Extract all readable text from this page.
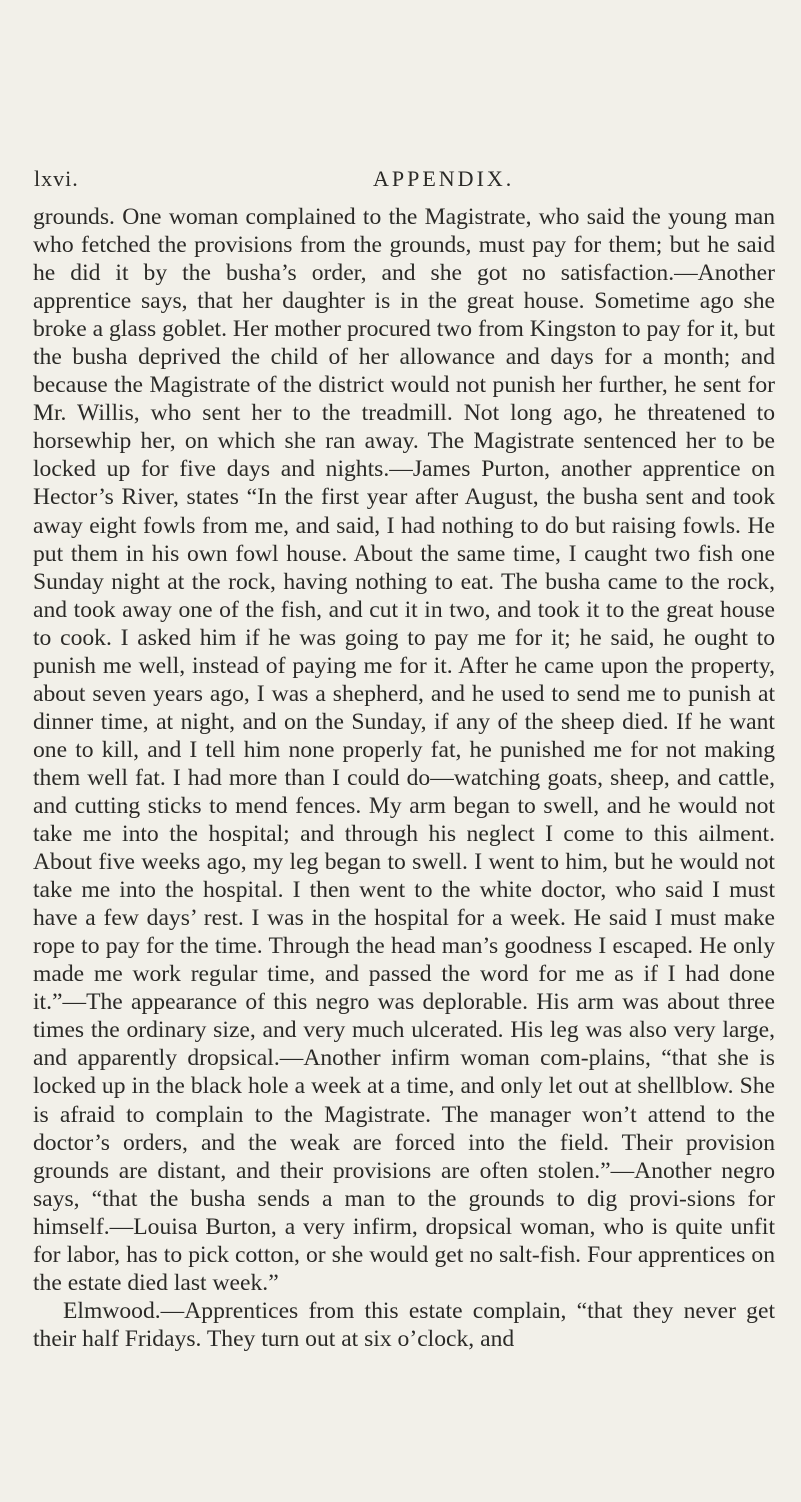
lxvi.	APPENDIX.

grounds. One woman complained to the Magistrate, who said the young man who fetched the provisions from the grounds, must pay for them; but he said he did it by the busha’s order, and she got no satisfaction.—Another apprentice says, that her daughter is in the great house. Sometime ago she broke a glass goblet. Her mother procured two from Kingston to pay for it, but the busha deprived the child of her allowance and days for a month; and because the Magistrate of the district would not punish her further, he sent for Mr. Willis, who sent her to the treadmill. Not long ago, he threatened to horsewhip her, on which she ran away. The Magistrate sentenced her to be locked up for five days and nights.—James Purton, another apprentice on Hector’s River, states “In the first year after August, the busha sent and took away eight fowls from me, and said, I had nothing to do but raising fowls. He put them in his own fowl house. About the same time, I caught two fish one Sunday night at the rock, having nothing to eat. The busha came to the rock, and took away one of the fish, and cut it in two, and took it to the great house to cook. I asked him if he was going to pay me for it; he said, he ought to punish me well, instead of paying me for it. After he came upon the property, about seven years ago, I was a shepherd, and he used to send me to punish at dinner time, at night, and on the Sunday, if any of the sheep died. If he want one to kill, and I tell him none properly fat, he punished me for not making them well fat. I had more than I could do—watching goats, sheep, and cattle, and cutting sticks to mend fences. My arm began to swell, and he would not take me into the hospital; and through his neglect I come to this ailment. About five weeks ago, my leg began to swell. I went to him, but he would not take me into the hospital. I then went to the white doctor, who said I must have a few days’ rest. I was in the hospital for a week. He said I must make rope to pay for the time. Through the head man’s goodness I escaped. He only made me work regular time, and passed the word for me as if I had done it.”—The appearance of this negro was deplorable. His arm was about three times the ordinary size, and very much ulcerated. His leg was also very large, and apparently dropsical.—Another infirm woman com-plains, “that she is locked up in the black hole a week at a time, and only let out at shellblow. She is afraid to complain to the Magistrate. The manager won’t attend to the doctor’s orders, and the weak are forced into the field. Their provision grounds are distant, and their provisions are often stolen.”—Another negro says, “that the busha sends a man to the grounds to dig provi-sions for himself.—Louisa Burton, a very infirm, dropsical woman, who is quite unfit for labor, has to pick cotton, or she would get no salt-fish. Four apprentices on the estate died last week.”

Elmwood.—Apprentices from this estate complain, “that they never get their half Fridays. They turn out at six o’clock, and
